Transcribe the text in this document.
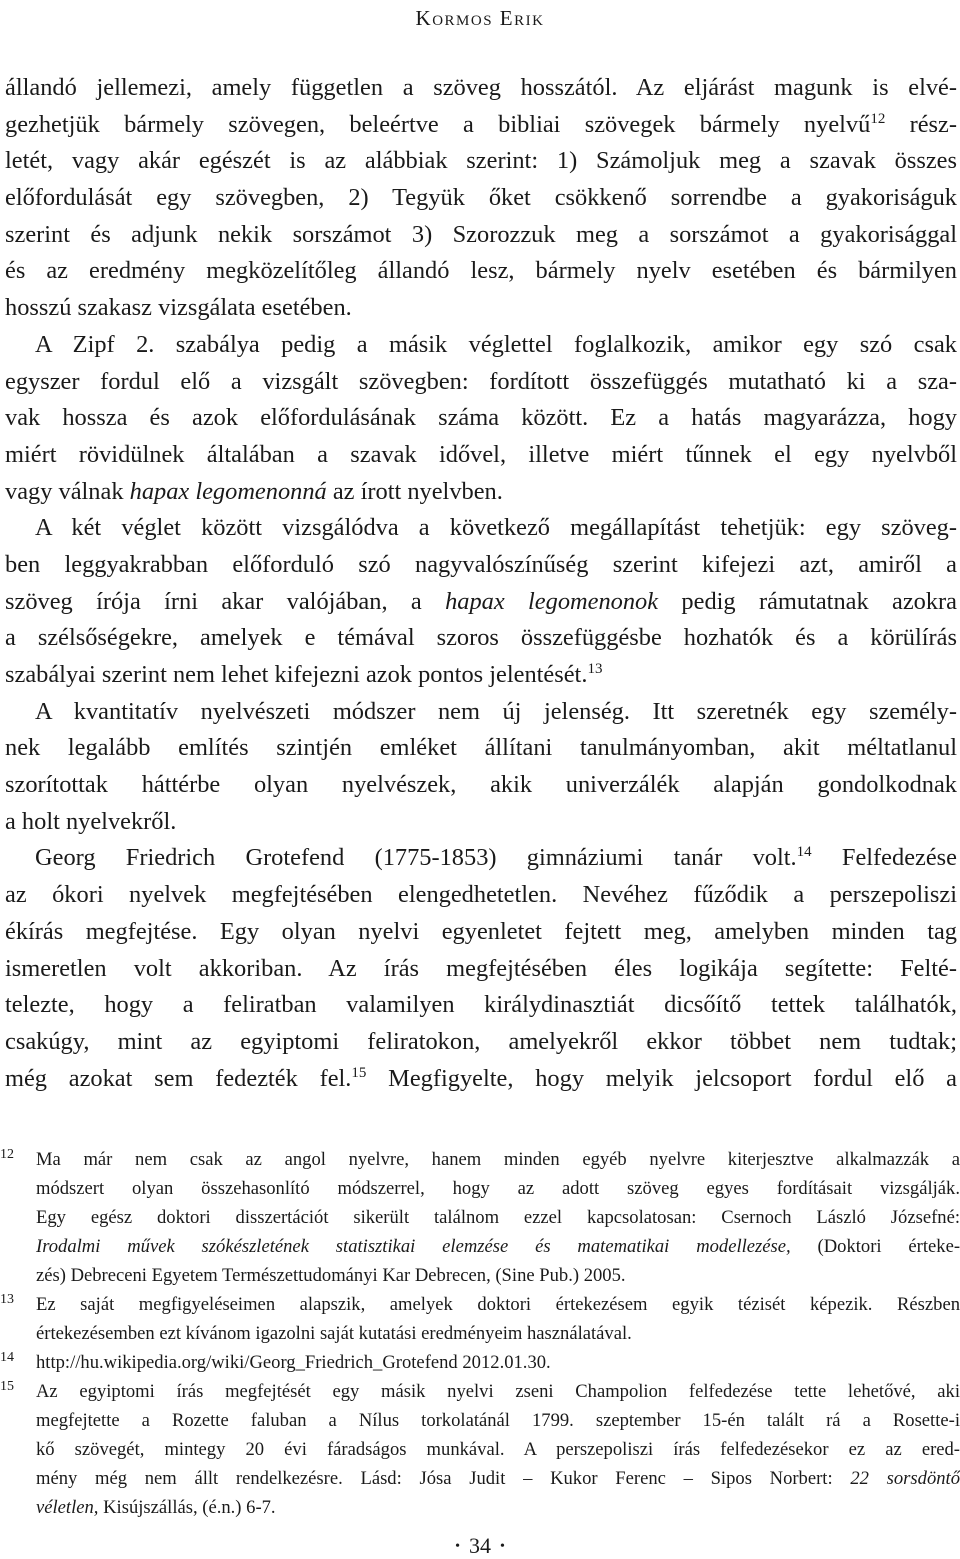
Kormos Erik
állandó jellemezi, amely független a szöveg hosszától. Az eljárást magunk is elvé-
gezhetjük bármely szövegen, beleértve a bibliai szövegek bármely nyelvű$^{12}$ rész-
letét, vagy akár egészét is az alábbiak szerint: 1) Számoljuk meg a szavak összes
előfordulását egy szövegben, 2) Tegyük őket csökkenő sorrendbe a gyakoriságuk
szerint és adjunk nekik sorszámot 3) Szorozzuk meg a sorszámot a gyakorisággal
és az eredmény megközelítőleg állandó lesz, bármely nyelv esetében és bármilyen
hosszú szakasz vizsgálata esetében.
A Zipf 2. szabálya pedig a másik véglettel foglalkozik, amikor egy szó csak
egyszer fordul elő a vizsgált szövegben: fordított összefüggés mutatható ki a sza-
vak hossza és azok előfordulásának száma között. Ez a hatás magyarázza, hogy
miért rövidülnek általában a szavak idővel, illetve miért tűnnek el egy nyelvből
vagy válnak hapax legomenonná az írott nyelvben.
A két véglet között vizsgálódva a következő megállapítást tehetjük: egy szöveg-
ben leggyakrabban előforduló szó nagyvalószínűség szerint kifejezi azt, amiről a
szöveg írója írni akar valójában, a hapax legomenonok pedig rámutatnak azokra
a szélsőségekre, amelyek e témával szoros összefüggésbe hozhatók és a körülírás
szabályai szerint nem lehet kifejezni azok pontos jelentését.$^{13}$
A kvantitatív nyelvészeti módszer nem új jelenség. Itt szeretnék egy személy-
nek legalább említés szintjén emléket állítani tanulmányomban, akit méltatlanul
szorítottak háttérbe olyan nyelvészek, akik univerzálék alapján gondolkodnak
a holt nyelvekről.
Georg Friedrich Grotefend (1775-1853) gimnáziumi tanár volt.$^{14}$ Felfedezése
az ókori nyelvek megfejtésében elengedhetetlen. Nevéhez fűződik a perszepoliszi
ékírás megfejtése. Egy olyan nyelvi egyenletet fejtett meg, amelyben minden tag
ismeretlen volt akkoriban. Az írás megfejtésében éles logikája segítette: Felté-
telezte, hogy a feliratban valamilyen királydinasztiát dicsőítő tettek találhatók,
csakúgy, mint az egyiptomi feliratokon, amelyekről ekkor többet nem tudtak;
még azokat sem fedezték fel.$^{15}$ Megfigyelte, hogy melyik jelcsoport fordul elő a
12 Ma már nem csak az angol nyelvre, hanem minden egyéb nyelvre kiterjesztve alkalmazzák a
módszert olyan összehasonlító módszerrel, hogy az adott szöveg egyes fordításait vizsgálják.
Egy egész doktori disszertációt sikerült találnom ezzel kapcsolatosan: Csernoch László Józsefné:
Irodalmi művek szókészletének statisztikai elemzése és matematikai modellezése, (Doktori érteke-
zés) Debreceni Egyetem Természettudományi Kar Debrecen, (Sine Pub.) 2005.
13 Ez saját megfigyeléseimen alapszik, amelyek doktori értekezésem egyik tézisét képezik. Részben
értekezésemben ezt kívánom igazolni saját kutatási eredményeim használatával.
14 http://hu.wikipedia.org/wiki/Georg_Friedrich_Grotefend 2012.01.30.
15 Az egyiptomi írás megfejtését egy másik nyelvi zseni Champolion felfedezése tette lehetővé, aki
megfejtette a Rozette faluban a Nílus torkolatánál 1799. szeptember 15-én talált rá a Rosette-i
kő szövegét, mintegy 20 évi fáradságos munkával. A perszepoliszi írás felfedezésekor ez az ered-
mény még nem állt rendelkezésre. Lásd: Jósa Judit – Kukor Ferenc – Sipos Norbert: 22 sorsdöntő
véletlen, Kisújszállás, (é.n.) 6-7.
• 34 •
